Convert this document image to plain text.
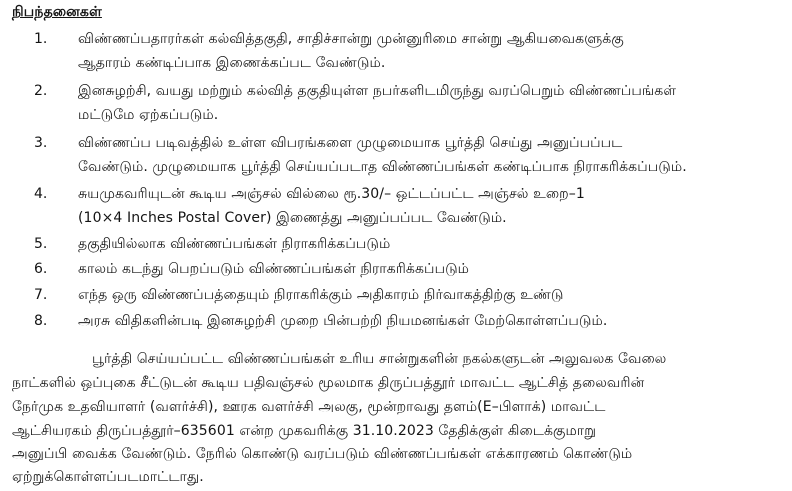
நிபந்தனைகள்
1.	விண்ணப்பதாரர்கள் கல்வித்தகுதி, சாதிச்சான்று முன்னுரிமை சான்று ஆகியவைகளுக்கு
ஆதாரம் கண்டிப்பாக இணைக்கப்பட வேண்டும்.
2.	இனசுழற்சி, வயது மற்றும் கல்வித் தகுதியுள்ள நபர்களிடமிருந்து வரப்பெறும் விண்ணப்பங்கள்
மட்டுமே ஏற்கப்படும்.
3.	விண்ணப்ப படிவத்தில் உள்ள விபரங்களை முழுமையாக பூர்த்தி செய்து அனுப்பப்பட
வேண்டும். முழுமையாக பூர்த்தி செய்யப்படாத விண்ணப்பங்கள் கண்டிப்பாக நிராகரிக்கப்படும்.
4.	சுயமுகவரியுடன் கூடிய அஞ்சல் வில்லை ரூ.30/– ஒட்டப்பட்ட அஞ்சல் உறை–1
(10×4 Inches Postal Cover) இணைத்து அனுப்பப்பட வேண்டும்.
5.	தகுதியில்லாக விண்ணப்பங்கள் நிராகரிக்கப்படும்
6.	காலம் கடந்து பெறப்படும் விண்ணப்பங்கள் நிராகரிக்கப்படும்
7.	எந்த ஒரு விண்ணப்பத்தையும் நிராகரிக்கும் அதிகாரம் நிர்வாகத்திற்கு உண்டு
8.	அரசு விதிகளின்படி இனசுழற்சி முறை பின்பற்றி நியமனங்கள் மேற்கொள்ளப்படும்.
பூர்த்தி செய்யப்பட்ட விண்ணப்பங்கள் உரிய சான்றுகளின் நகல்களுடன் அலுவலக வேலை
நாட்களில் ஒப்புகை சீட்டுடன் கூடிய பதிவஞ்சல் மூலமாக திருப்பத்தூர் மாவட்ட ஆட்சித் தலைவரின்
நேர்முக உதவியாளர் (வளர்ச்சி), ஊரக வளர்ச்சி அலகு, மூன்றாவது தளம்(E–பிளாக்) மாவட்ட
ஆட்சியரகம் திருப்பத்தூர்–635601 என்ற முகவரிக்கு 31.10.2023 தேதிக்குள் கிடைக்குமாறு
அனுப்பி வைக்க வேண்டும். நேரில் கொண்டு வரப்படும் விண்ணப்பங்கள் எக்காரணம் கொண்டும்
ஏற்றுக்கொள்ளப்படமாட்டாது.
